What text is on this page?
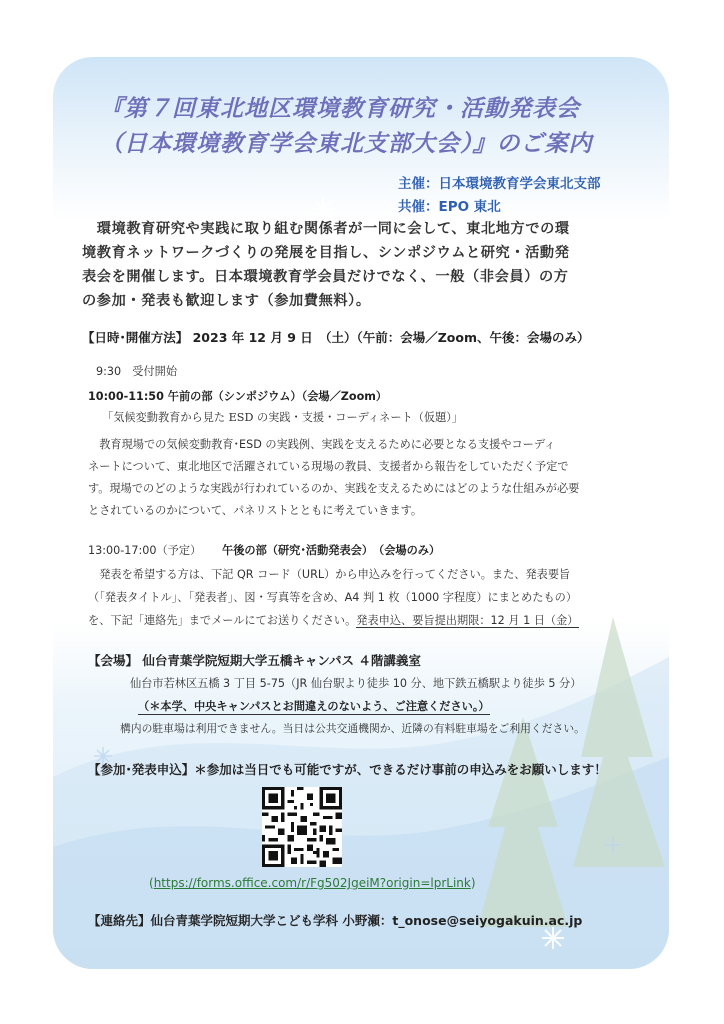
『第７回東北地区環境教育研究・活動発表会
（日本環境教育学会東北支部大会）』のご案内
主催：日本環境教育学会東北支部
共催：EPO 東北
　環境教育研究や実践に取り組む関係者が一同に会して、東北地方での環
境教育ネットワークづくりの発展を目指し、シンポジウムと研究・活動発
表会を開催します。日本環境教育学会員だけでなく、一般（非会員）の方
の参加・発表も歓迎します（参加費無料）。
【日時･開催方法】 2023 年 12 月 9 日　（土）（午前：会場／Zoom、午後：会場のみ）
9:30　受付開始
10:00-11:50 午前の部（シンポジウム）（会場／Zoom）
「気候変動教育から見た ESD の実践・支援・コーディネート（仮題）」
　教育現場での気候変動教育･ESD の実践例、実践を支えるために必要となる支援やコーディ
ネートについて、東北地区で活躍されている現場の教員、支援者から報告をしていただく予定で
す。現場でのどのような実践が行われているのか、実践を支えるためにはどのような仕組みが必要
とされているのかについて、パネリストとともに考えていきます。
13:00-17:00（予定） 午後の部（研究･活動発表会）　（会場のみ）
　発表を希望する方は、下記 QR コード（URL）から申込みを行ってください。また、発表要旨
（「発表タイトル」、「発表者」、図・写真等を含め、A4 判 1 枚（1000 字程度）にまとめたもの）
を、下記「連絡先」までメールにてお送りください。発表申込、要旨提出期限：12 月 1 日（金）
【会場】 仙台青葉学院短期大学五橋キャンパス ４階講義室
仙台市若林区五橋 3 丁目 5-75（JR 仙台駅より徒歩 10 分、地下鉄五橋駅より徒歩 5 分）
（＊本学、中央キャンパスとお間違えのないよう、ご注意ください。）
構内の駐車場は利用できません。当日は公共交通機関か、近隣の有料駐車場をご利用ください。
【参加･発表申込】＊参加は当日でも可能ですが、できるだけ事前の申込みをお願いします！
(https://forms.office.com/r/Fg502JgeiM?origin=lprLink)
【連絡先】仙台青葉学院短期大学こども学科 小野瀬：t_onose@seiyogakuin.ac.jp
